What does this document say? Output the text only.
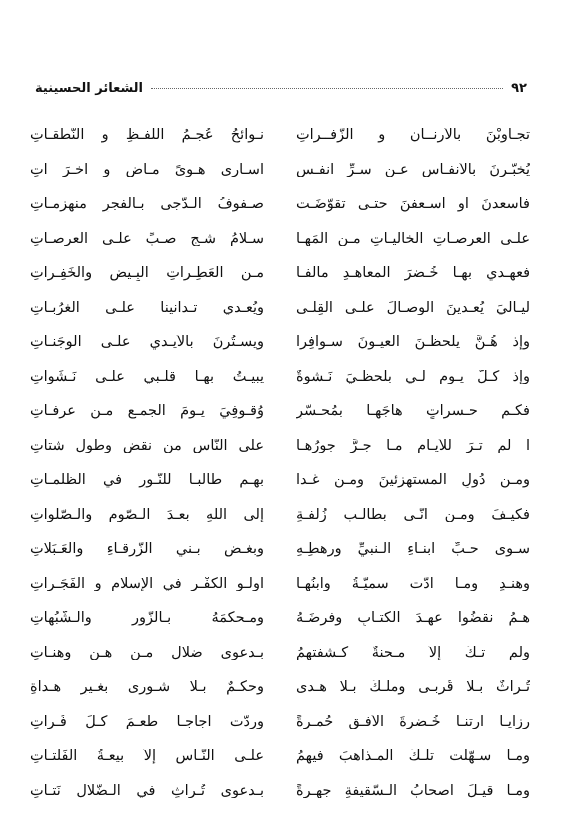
الشعائر الحسينية	٩٢
تجـاوبْنَ بالأرنــان و الزّفــراتِ
نـوائحُ عُجـمُ اللفـظِ و النّطقـاتِ
يُخبّـرنَ بالأنفـاسِ عـن سـرِّ أنفـسٍ
أُسـارى هـوىً مـاضٍ و آخـرَ آتِ
فأسعدنَ أو أسـعفنَ حتـى تقوّضَـت
صـفوفُ الـدُّجى بـالفجرِ منهزمـاتِ
علـى العرصـاتِ الخاليـاتِ مـن المَهـا
سـلامُ شـجٍ صـبٍّ علـى العرصـاتِ
فعهـدي بهـا خُـضرَ المعاهـدِ مألَفـاً
مـن العَطِـراتِ البِـيضِ والخَفِـراتِ
ليـاليَ يُعـدينَ الوصـالَ علـى القِلـى
ويُعـدي تـدانينا علـى الغرُبـاتِ
وإذ هُـنَّ يلحظـنَ العيـونَ سـوافِراً
ويسـتُرنَ بالأيـدي علـى الوجَنـاتِ
وإذ كُـلُّ يـومٍ لـي بلحظـيَ نَـشوةٌ
يبيـتُ بهـا قلـبي علـى نَـشَواتِ
فكـم حـسراتٍ هاجَهـا بمُحـسّرٍ
وُقـوفِيَ يـومَ الجمـعِ مـن عرفـاتِ
أ لم تـرَ للأيـامِ مـا جـرَّ جورُهـا
على النّاسِ من نقضٍ وطولِ شتاتِ
ومـن دُولِ المستهزئينَ ومـن غـدا
بهـم طالبـاً للنّـورِ في الظّلمـاتِ
فكيـفَ ومـن أنّـى بطالـبِ زُلفـةٍ
إلى اللهِ بعـدَ الـصّومِ والـصّلواتِ
سـوى حـبِّ أبنـاءِ الـنبيِّ ورهطِـهِ
وبغـضِ بـني الزّرقـاءِ والعَـبَلاتِ
وهنـدٍ ومـا أدّت سميّـةُ وابنُهـا
أولـو الكفْـرِ في الإسلامِ و الفَجَـراتِ
هـمُ نقضُوا عهـدَ الكتـابِ وفرضَـهُ
ومـحكَمَهُ بـالزّورِ والـشّبُهاتِ
ولم تـكُ إلاّ مـحنةٌ كـشفتهمُ
بـدعوى ضلالٍ مـن هـنٍ وهنـاتِ
تُـراثٌ بـلا قُربـى وملـكٌ بـلا هـدى
وحكـمٌ بـلا شـورى بغـيرِ هـداةِ
رزايـا أرتنـا خُـضرةَ الأُفـقِ حُمـرةً
وردّت أُجاجـاً طعـمَ كـلِّ فُـراتِ
ومـا سـهّلت تلـكَ المـذاهبَ فيهِمُ
علـى النّـاسِ إلاّ بيعـةُ الفَلتـاتِ
ومـا قيـلَ أصحابُ الـسّقيفةِ جهـرةً
بـدعوى تُـراثٍ في الـضّلالِ نَتـاتِ
